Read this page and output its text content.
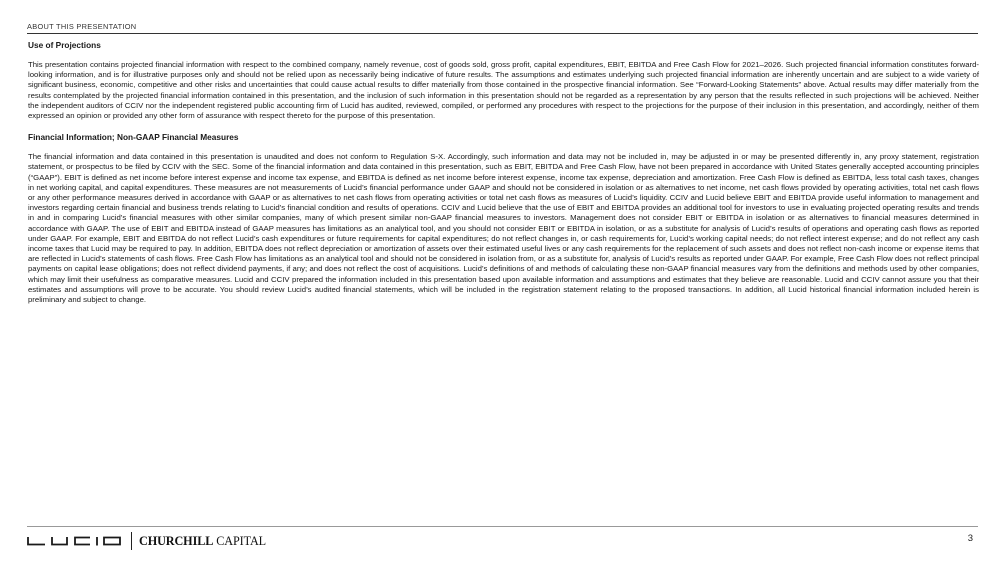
ABOUT THIS PRESENTATION
Use of Projections

This presentation contains projected financial information with respect to the combined company, namely revenue, cost of goods sold, gross profit, capital expenditures, EBIT, EBITDA and Free Cash Flow for 2021–2026. Such projected financial information constitutes forward-looking information, and is for illustrative purposes only and should not be relied upon as necessarily being indicative of future results. The assumptions and estimates underlying such projected financial information are inherently uncertain and are subject to a wide variety of significant business, economic, competitive and other risks and uncertainties that could cause actual results to differ materially from those contained in the prospective financial information. See “Forward-Looking Statements” above. Actual results may differ materially from the results contemplated by the projected financial information contained in this presentation, and the inclusion of such information in this presentation should not be regarded as a representation by any person that the results reflected in such projections will be achieved. Neither the independent auditors of CCIV nor the independent registered public accounting firm of Lucid has audited, reviewed, compiled, or performed any procedures with respect to the projections for the purpose of their inclusion in this presentation, and accordingly, neither of them expressed an opinion or provided any other form of assurance with respect thereto for the purpose of this presentation.

Financial Information; Non-GAAP Financial Measures

The financial information and data contained in this presentation is unaudited and does not conform to Regulation S-X. Accordingly, such information and data may not be included in, may be adjusted in or may be presented differently in, any proxy statement, registration statement, or prospectus to be filed by CCIV with the SEC. Some of the financial information and data contained in this presentation, such as EBIT, EBITDA and Free Cash Flow, have not been prepared in accordance with United States generally accepted accounting principles (“GAAP”). EBIT is defined as net income before interest expense and income tax expense, and EBITDA is defined as net income before interest expense, income tax expense, depreciation and amortization. Free Cash Flow is defined as EBITDA, less total cash taxes, changes in net working capital, and capital expenditures. These measures are not measurements of Lucid’s financial performance under GAAP and should not be considered in isolation or as alternatives to net income, net cash flows provided by operating activities, total net cash flows or any other performance measures derived in accordance with GAAP or as alternatives to net cash flows from operating activities or total net cash flows as measures of Lucid’s liquidity. CCIV and Lucid believe EBIT and EBITDA provide useful information to management and investors regarding certain financial and business trends relating to Lucid’s financial condition and results of operations. CCIV and Lucid believe that the use of EBIT and EBITDA provides an additional tool for investors to use in evaluating projected operating results and trends in and in comparing Lucid’s financial measures with other similar companies, many of which present similar non-GAAP financial measures to investors. Management does not consider EBIT or EBITDA in isolation or as alternatives to financial measures determined in accordance with GAAP. The use of EBIT and EBITDA instead of GAAP measures has limitations as an analytical tool, and you should not consider EBIT or EBITDA in isolation, or as a substitute for analysis of Lucid’s results of operations and operating cash flows as reported under GAAP. For example, EBIT and EBITDA do not reflect Lucid’s cash expenditures or future requirements for capital expenditures; do not reflect changes in, or cash requirements for, Lucid’s working capital needs; do not reflect interest expense; and do not reflect any cash income taxes that Lucid may be required to pay. In addition, EBITDA does not reflect depreciation or amortization of assets over their estimated useful lives or any cash requirements for the replacement of such assets and does not reflect non-cash income or expense items that are reflected in Lucid’s statements of cash flows. Free Cash Flow has limitations as an analytical tool and should not be considered in isolation from, or as a substitute for, analysis of Lucid’s results as reported under GAAP. For example, Free Cash Flow does not reflect principal payments on capital lease obligations; does not reflect dividend payments, if any; and does not reflect the cost of acquisitions. Lucid’s definitions of and methods of calculating these non-GAAP financial measures vary from the definitions and methods used by other companies, which may limit their usefulness as comparative measures. Lucid and CCIV prepared the information included in this presentation based upon available information and assumptions and estimates that they believe are reasonable. Lucid and CCIV cannot assure you that their estimates and assumptions will prove to be accurate. You should review Lucid’s audited financial statements, which will be included in the registration statement relating to the proposed transactions. In addition, all Lucid historical financial information included herein is preliminary and subject to change.

CHURCHILL CAPITAL	3
